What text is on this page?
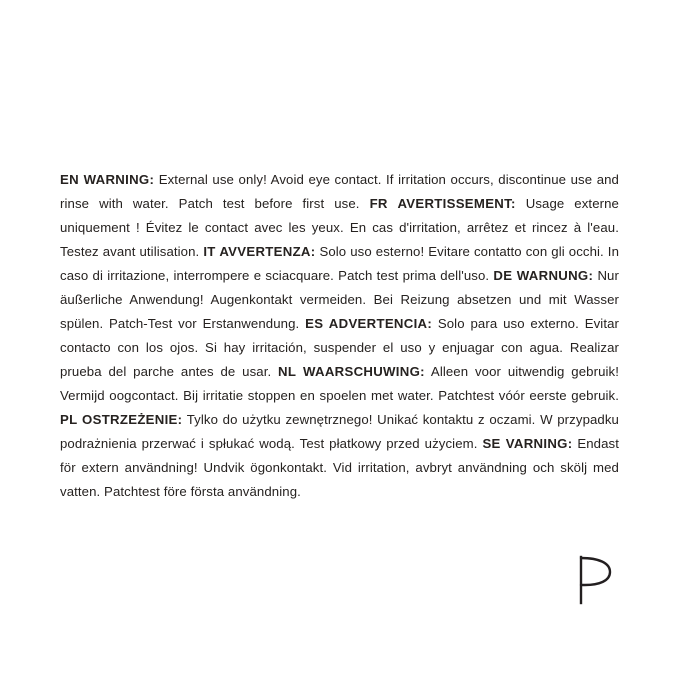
EN WARNING: External use only! Avoid eye contact. If irritation occurs, discontinue use and rinse with water. Patch test before first use. FR AVERTISSEMENT: Usage externe uniquement ! Évitez le contact avec les yeux. En cas d'irritation, arrêtez et rincez à l'eau. Testez avant utilisation. IT AVVERTENZA: Solo uso esterno! Evitare contatto con gli occhi. In caso di irritazione, interrompere e sciacquare. Patch test prima dell'uso. DE WARNUNG: Nur äußerliche Anwendung! Augenkontakt vermeiden. Bei Reizung absetzen und mit Wasser spülen. Patch-Test vor Erstanwendung. ES ADVERTENCIA: Solo para uso externo. Evitar contacto con los ojos. Si hay irritación, suspender el uso y enjuagar con agua. Realizar prueba del parche antes de usar. NL WAARSCHUWING: Alleen voor uitwendig gebruik! Vermijd oogcontact. Bij irritatie stoppen en spoelen met water. Patchtest vóór eerste gebruik. PL OSTRZEŻENIE: Tylko do użytku zewnętrznego! Unikać kontaktu z oczami. W przypadku podrażnienia przerwać i spłukać wodą. Test płatkowy przed użyciem. SE VARNING: Endast för extern användning! Undvik ögonkontakt. Vid irritation, avbryt användning och skölj med vatten. Patchtest före första användning.
